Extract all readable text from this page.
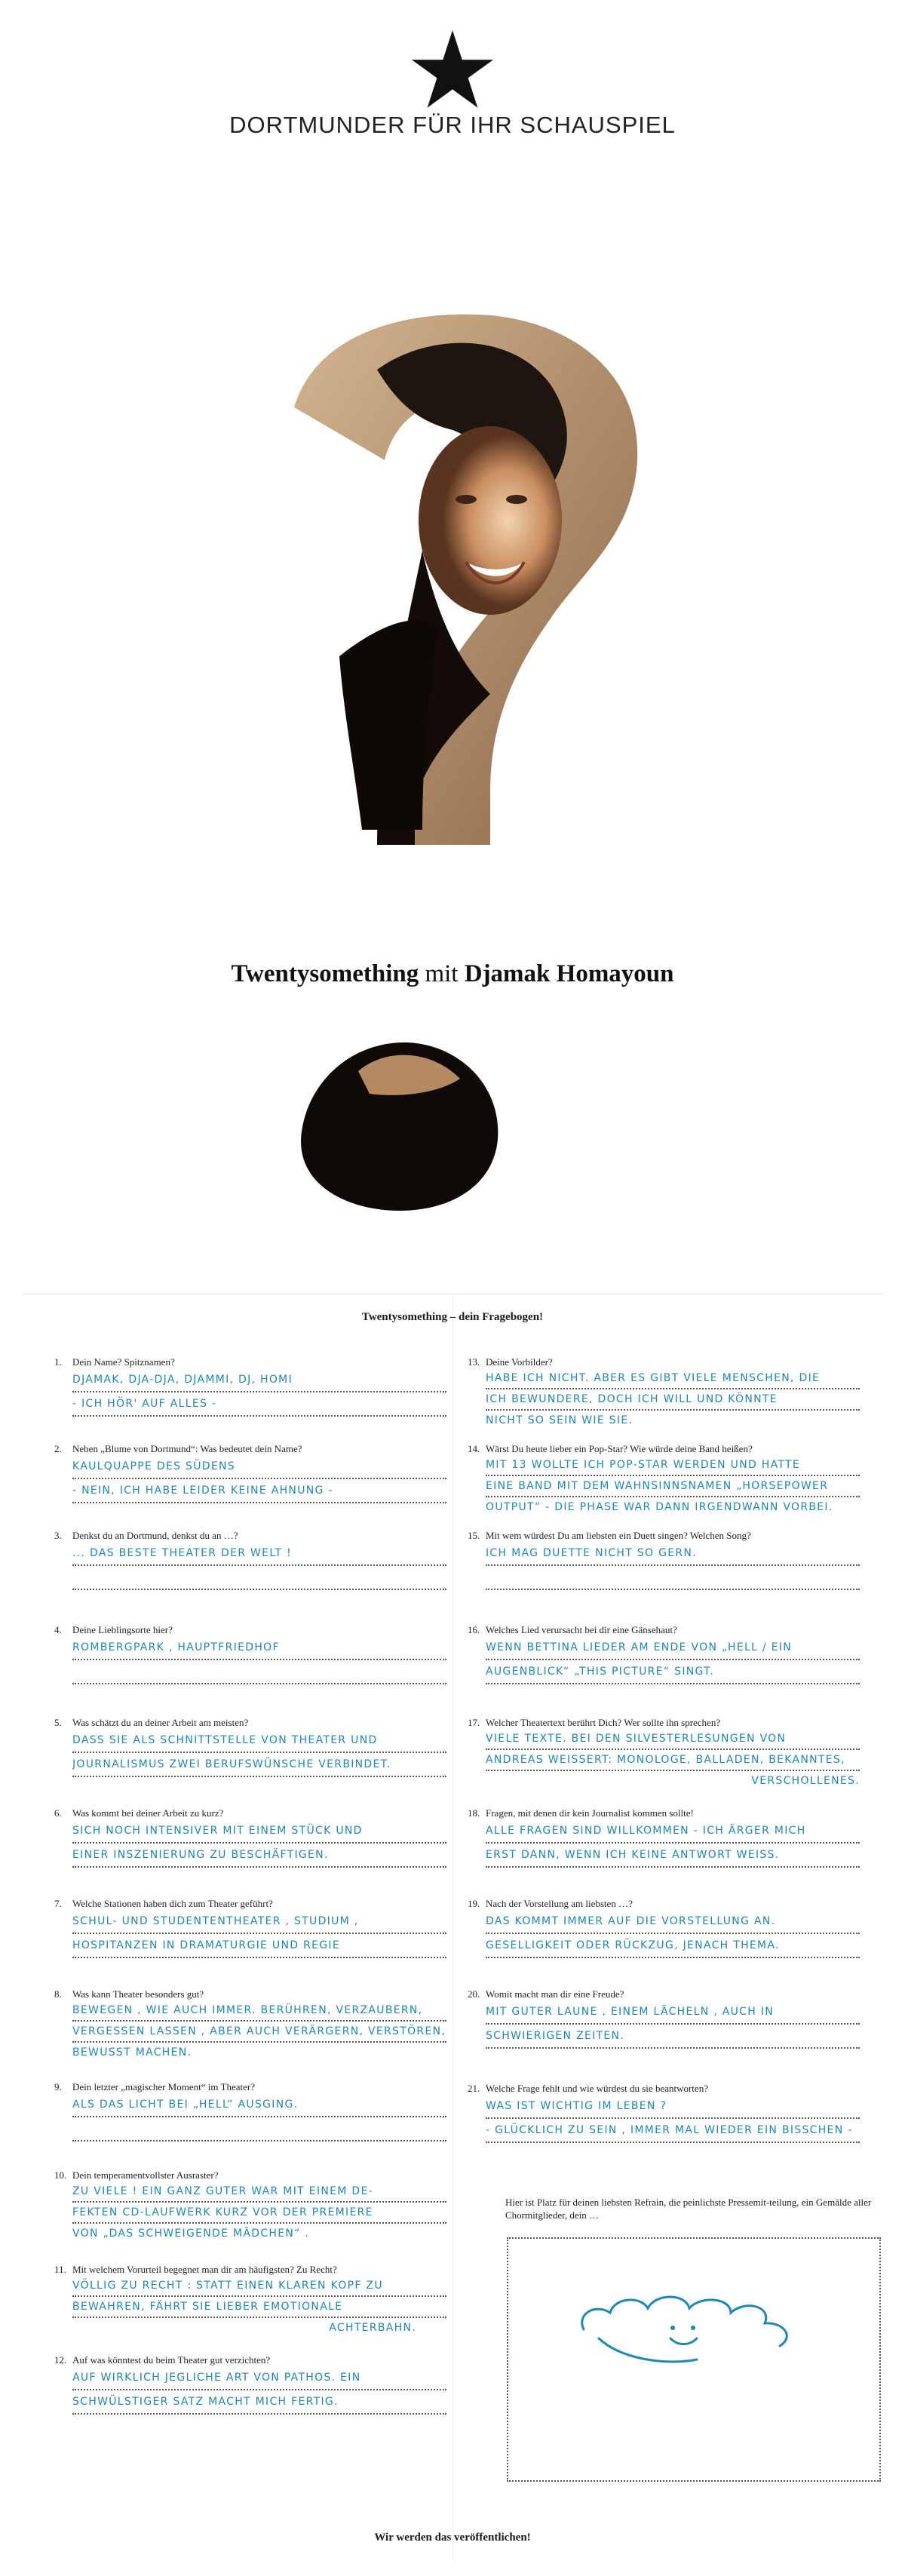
DORTMUNDER FÜR IHR SCHAUSPIEL
Twentysomething mit Djamak Homayoun
Twentysomething – dein Fragebogen!
1. Dein Name? Spitznamen?
DJAMAK, DJA-DJA, DJAMMI, DJ, HOMI
- ICH HÖR' AUF ALLES -
2. Neben „Blume von Dortmund“: Was bedeutet dein Name?
KAULQUAPPE DES SÜDENS
- NEIN, ICH HABE LEIDER KEINE AHNUNG -
3. Denkst du an Dortmund, denkst du an …?
... DAS BESTE THEATER DER WELT !
4. Deine Lieblingsorte hier?
ROMBERGPARK , HAUPTFRIEDHOF
5. Was schätzt du an deiner Arbeit am meisten?
DASS SIE ALS SCHNITTSTELLE VON THEATER UND
JOURNALISMUS ZWEI BERUFSWÜNSCHE VERBINDET.
6. Was kommt bei deiner Arbeit zu kurz?
SICH NOCH INTENSIVER MIT EINEM STÜCK UND
EINER INSZENIERUNG ZU BESCHÄFTIGEN.
7. Welche Stationen haben dich zum Theater geführt?
SCHUL- UND STUDENTENTHEATER , STUDIUM ,
HOSPITANZEN IN DRAMATURGIE UND REGIE
8. Was kann Theater besonders gut?
BEWEGEN , WIE AUCH IMMER. BERÜHREN, VERZAUBERN,
VERGESSEN LASSEN , ABER AUCH VERÄRGERN, VERSTÖREN,
BEWUSST MACHEN.
9. Dein letzter „magischer Moment“ im Theater?
ALS DAS LICHT BEI „HELL“ AUSGING.
10. Dein temperamentvollster Ausraster?
ZU VIELE ! EIN GANZ GUTER WAR MIT EINEM DE-
FEKTEN CD-LAUFWERK KURZ VOR DER PREMIERE
VON „DAS SCHWEIGENDE MÄDCHEN“ .
11. Mit welchem Vorurteil begegnet man dir am häufigsten? Zu Recht?
VÖLLIG ZU RECHT : STATT EINEN KLAREN KOPF ZU
BEWAHREN, FÄHRT SIE LIEBER EMOTIONALE
ACHTERBAHN.
12. Auf was könntest du beim Theater gut verzichten?
AUF WIRKLICH JEGLICHE ART VON PATHOS. EIN
SCHWÜLSTIGER SATZ MACHT MICH FERTIG.
13. Deine Vorbilder?
HABE ICH NICHT. ABER ES GIBT VIELE MENSCHEN, DIE
ICH BEWUNDERE, DOCH ICH WILL UND KÖNNTE
NICHT SO SEIN WIE SIE.
14. Wärst Du heute lieber ein Pop-Star? Wie würde deine Band heißen?
MIT 13 WOLLTE ICH POP-STAR WERDEN UND HATTE
EINE BAND MIT DEM WAHNSINNSNAMEN „HORSEPOWER
OUTPUT“ - DIE PHASE WAR DANN IRGENDWANN VORBEI.
15. Mit wem würdest Du am liebsten ein Duett singen? Welchen Song?
ICH MAG DUETTE NICHT SO GERN.
16. Welches Lied verursacht bei dir eine Gänsehaut?
WENN BETTINA LIEDER AM ENDE VON „HELL / EIN
AUGENBLICK“ „THIS PICTURE“ SINGT.
17. Welcher Theatertext berührt Dich? Wer sollte ihn sprechen?
VIELE TEXTE. BEI DEN SILVESTERLESUNGEN VON
ANDREAS WEISSERT: MONOLOGE, BALLADEN, BEKANNTES,
VERSCHOLLENES.
18. Fragen, mit denen dir kein Journalist kommen sollte!
ALLE FRAGEN SIND WILLKOMMEN - ICH ÄRGER MICH
ERST DANN, WENN ICH KEINE ANTWORT WEISS.
19. Nach der Vorstellung am liebsten …?
DAS KOMMT IMMER AUF DIE VORSTELLUNG AN.
GESELLIGKEIT ODER RÜCKZUG, JENACH THEMA.
20. Womit macht man dir eine Freude?
MIT GUTER LAUNE , EINEM LÄCHELN , AUCH IN
SCHWIERIGEN ZEITEN.
21. Welche Frage fehlt und wie würdest du sie beantworten?
WAS IST WICHTIG IM LEBEN ?
- GLÜCKLICH ZU SEIN , IMMER MAL WIEDER EIN BISSCHEN -
Hier ist Platz für deinen liebsten Refrain, die peinlichste Pressemit-teilung, ein Gemälde aller Chormitglieder, dein …
Wir werden das veröffentlichen!
